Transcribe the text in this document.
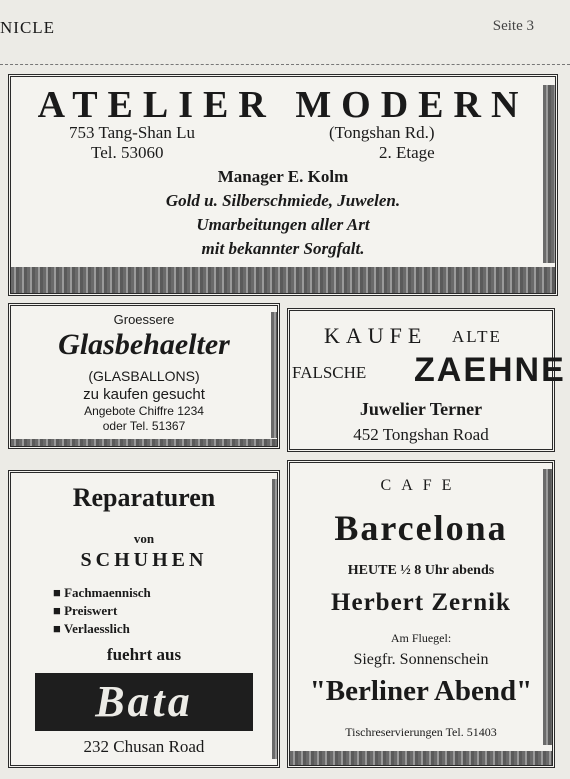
NICLE	Seite 3
ATELIER MODERN
753 Tang-Shan Lu	(Tongshan Rd.)
Tel. 53060	2. Etage
Manager E. Kolm
Gold u. Silberschmiede, Juwelen.
Umarbeitungen aller Art
mit bekannter Sorgfalt.
Groessere
Glasbehaelter
(GLASBALLONS)
zu kaufen gesucht
Angebote Chiffre 1234
oder Tel. 51367
KAUFE ALTE
FALSCHE ZAEHNE
Juwelier Terner
452 Tongshan Road
Reparaturen
von
SCHUHEN
■ Fachmaennisch
■ Preiswert
■ Verlaesslich
fuehrt aus
Bata
232 Chusan Road
CAFE
Barcelona
HEUTE ½ 8 Uhr abends
Herbert Zernik
Am Fluegel:
Siegfr. Sonnenschein
"Berliner Abend"
Tischreservierungen Tel. 51403
